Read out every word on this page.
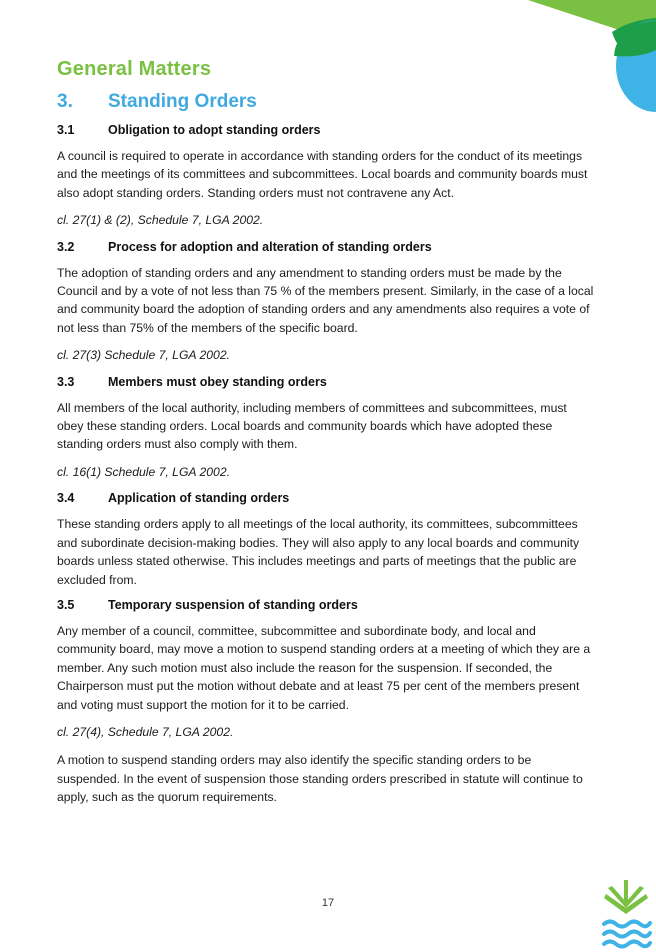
General Matters
3.	Standing Orders
3.1	Obligation to adopt standing orders

A council is required to operate in accordance with standing orders for the conduct of its meetings and the meetings of its committees and subcommittees. Local boards and community boards must also adopt standing orders. Standing orders must not contravene any Act.

cl. 27(1) & (2), Schedule 7, LGA 2002.

3.2	Process for adoption and alteration of standing orders

The adoption of standing orders and any amendment to standing orders must be made by the Council and by a vote of not less than 75 % of the members present. Similarly, in the case of a local and community board the adoption of standing orders and any amendments also requires a vote of not less than 75% of the members of the specific board.

cl. 27(3) Schedule 7, LGA 2002.

3.3	Members must obey standing orders

All members of the local authority, including members of committees and subcommittees, must obey these standing orders. Local boards and community boards which have adopted these standing orders must also comply with them.

cl. 16(1) Schedule 7, LGA 2002.

3.4	Application of standing orders

These standing orders apply to all meetings of the local authority, its committees, subcommittees and subordinate decision-making bodies. They will also apply to any local boards and community boards unless stated otherwise. This includes meetings and parts of meetings that the public are excluded from.

3.5	Temporary suspension of standing orders

Any member of a council, committee, subcommittee and subordinate body, and local and community board, may move a motion to suspend standing orders at a meeting of which they are a member. Any such motion must also include the reason for the suspension. If seconded, the Chairperson must put the motion without debate and at least 75 per cent of the members present and voting must support the motion for it to be carried.

cl. 27(4), Schedule 7, LGA 2002.

A motion to suspend standing orders may also identify the specific standing orders to be suspended. In the event of suspension those standing orders prescribed in statute will continue to apply, such as the quorum requirements.

17
